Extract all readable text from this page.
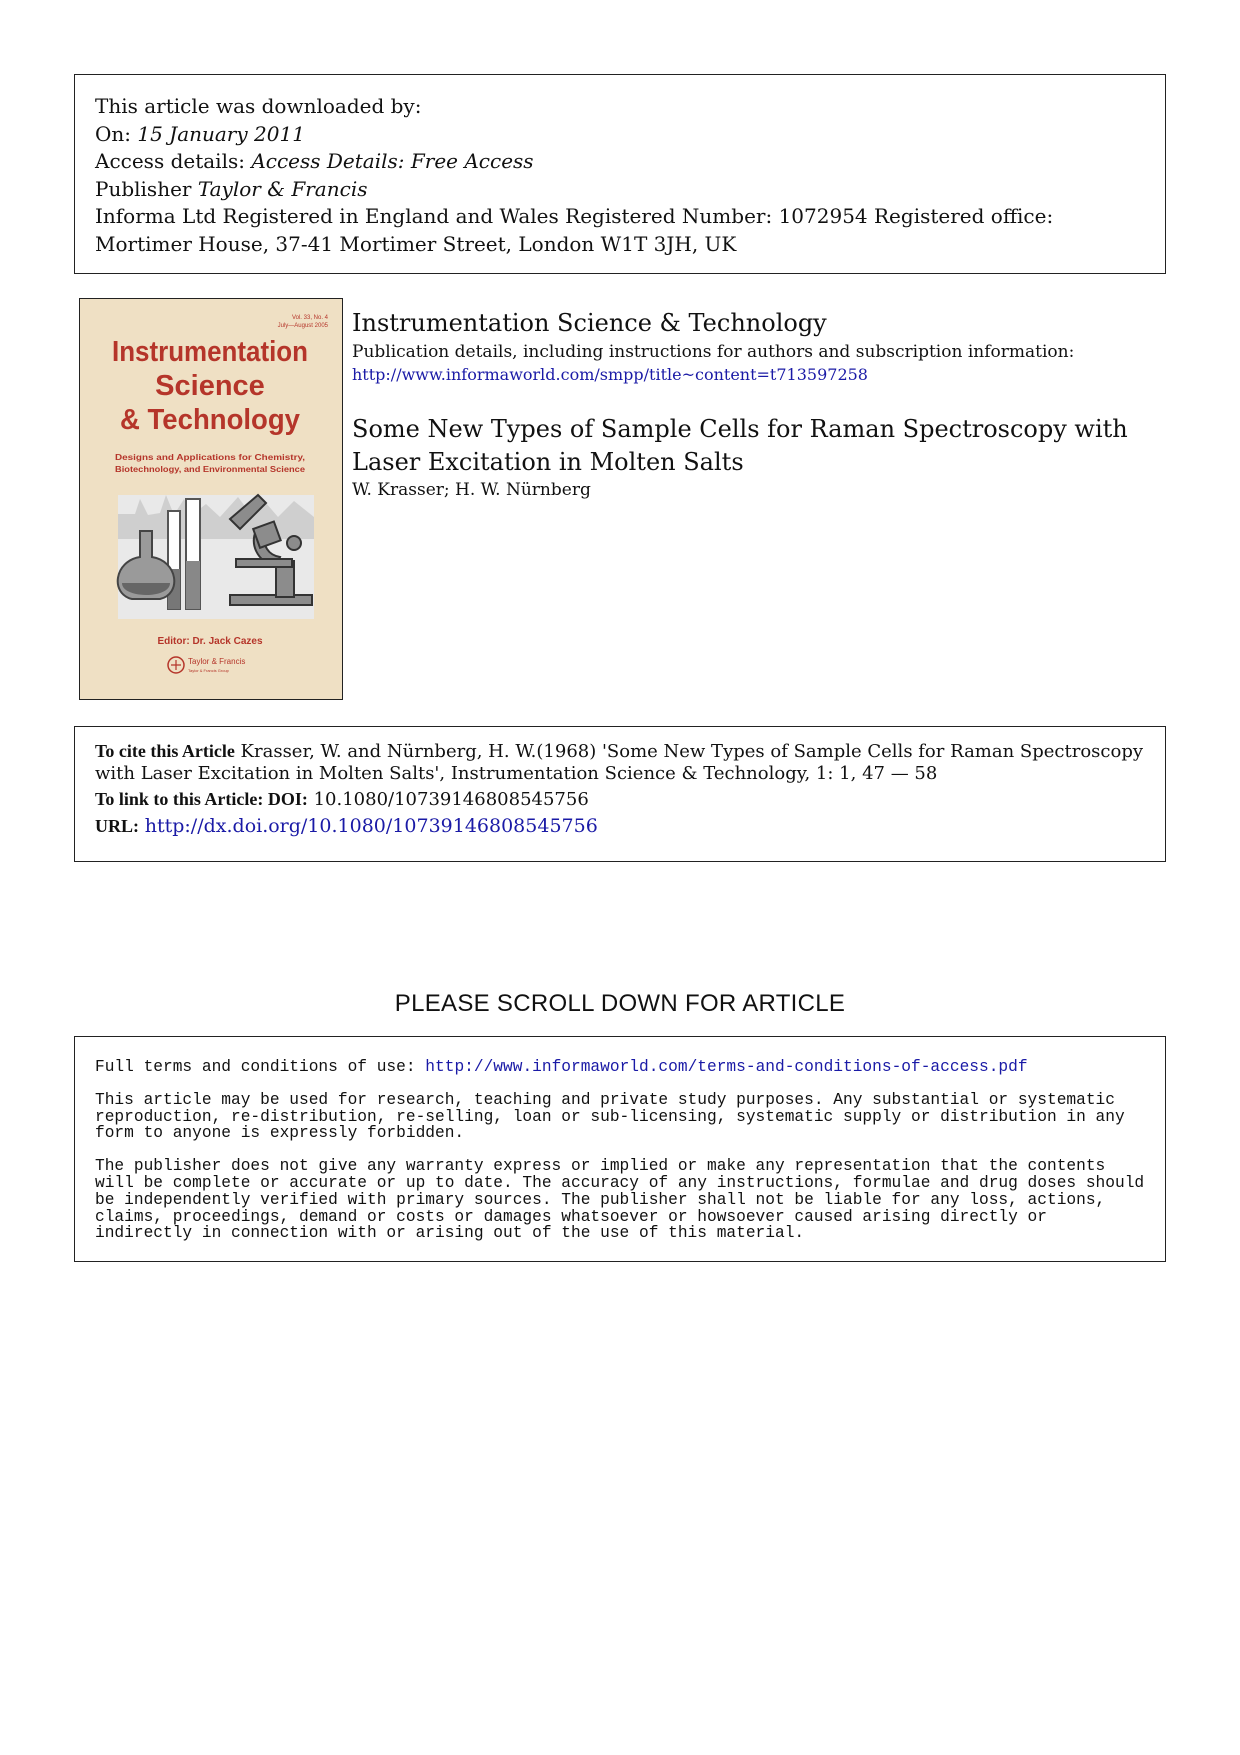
This article was downloaded by:
On: 15 January 2011
Access details: Access Details: Free Access
Publisher Taylor & Francis
Informa Ltd Registered in England and Wales Registered Number: 1072954 Registered office: Mortimer House, 37-41 Mortimer Street, London W1T 3JH, UK
Vol. 33, No. 4
July—August 2005
Instrumentation
Science
& Technology
Designs and Applications for Chemistry,
Biotechnology, and Environmental Science
Editor: Dr. Jack Cazes
Taylor & Francis
Taylor & Francis Group
Instrumentation Science & Technology
Publication details, including instructions for authors and subscription information:
http://www.informaworld.com/smpp/title~content=t713597258
Some New Types of Sample Cells for Raman Spectroscopy with Laser Excitation in Molten Salts
W. Krasser; H. W. Nürnberg
To cite this Article Krasser, W. and Nürnberg, H. W.(1968) 'Some New Types of Sample Cells for Raman Spectroscopy with Laser Excitation in Molten Salts', Instrumentation Science & Technology, 1: 1, 47 — 58
To link to this Article: DOI: 10.1080/10739146808545756
URL: http://dx.doi.org/10.1080/10739146808545756
PLEASE SCROLL DOWN FOR ARTICLE

Full terms and conditions of use: http://www.informaworld.com/terms-and-conditions-of-access.pdf

This article may be used for research, teaching and private study purposes. Any substantial or systematic reproduction, re-distribution, re-selling, loan or sub-licensing, systematic supply or distribution in any form to anyone is expressly forbidden.

The publisher does not give any warranty express or implied or make any representation that the contents will be complete or accurate or up to date. The accuracy of any instructions, formulae and drug doses should be independently verified with primary sources. The publisher shall not be liable for any loss, actions, claims, proceedings, demand or costs or damages whatsoever or howsoever caused arising directly or indirectly in connection with or arising out of the use of this material.
